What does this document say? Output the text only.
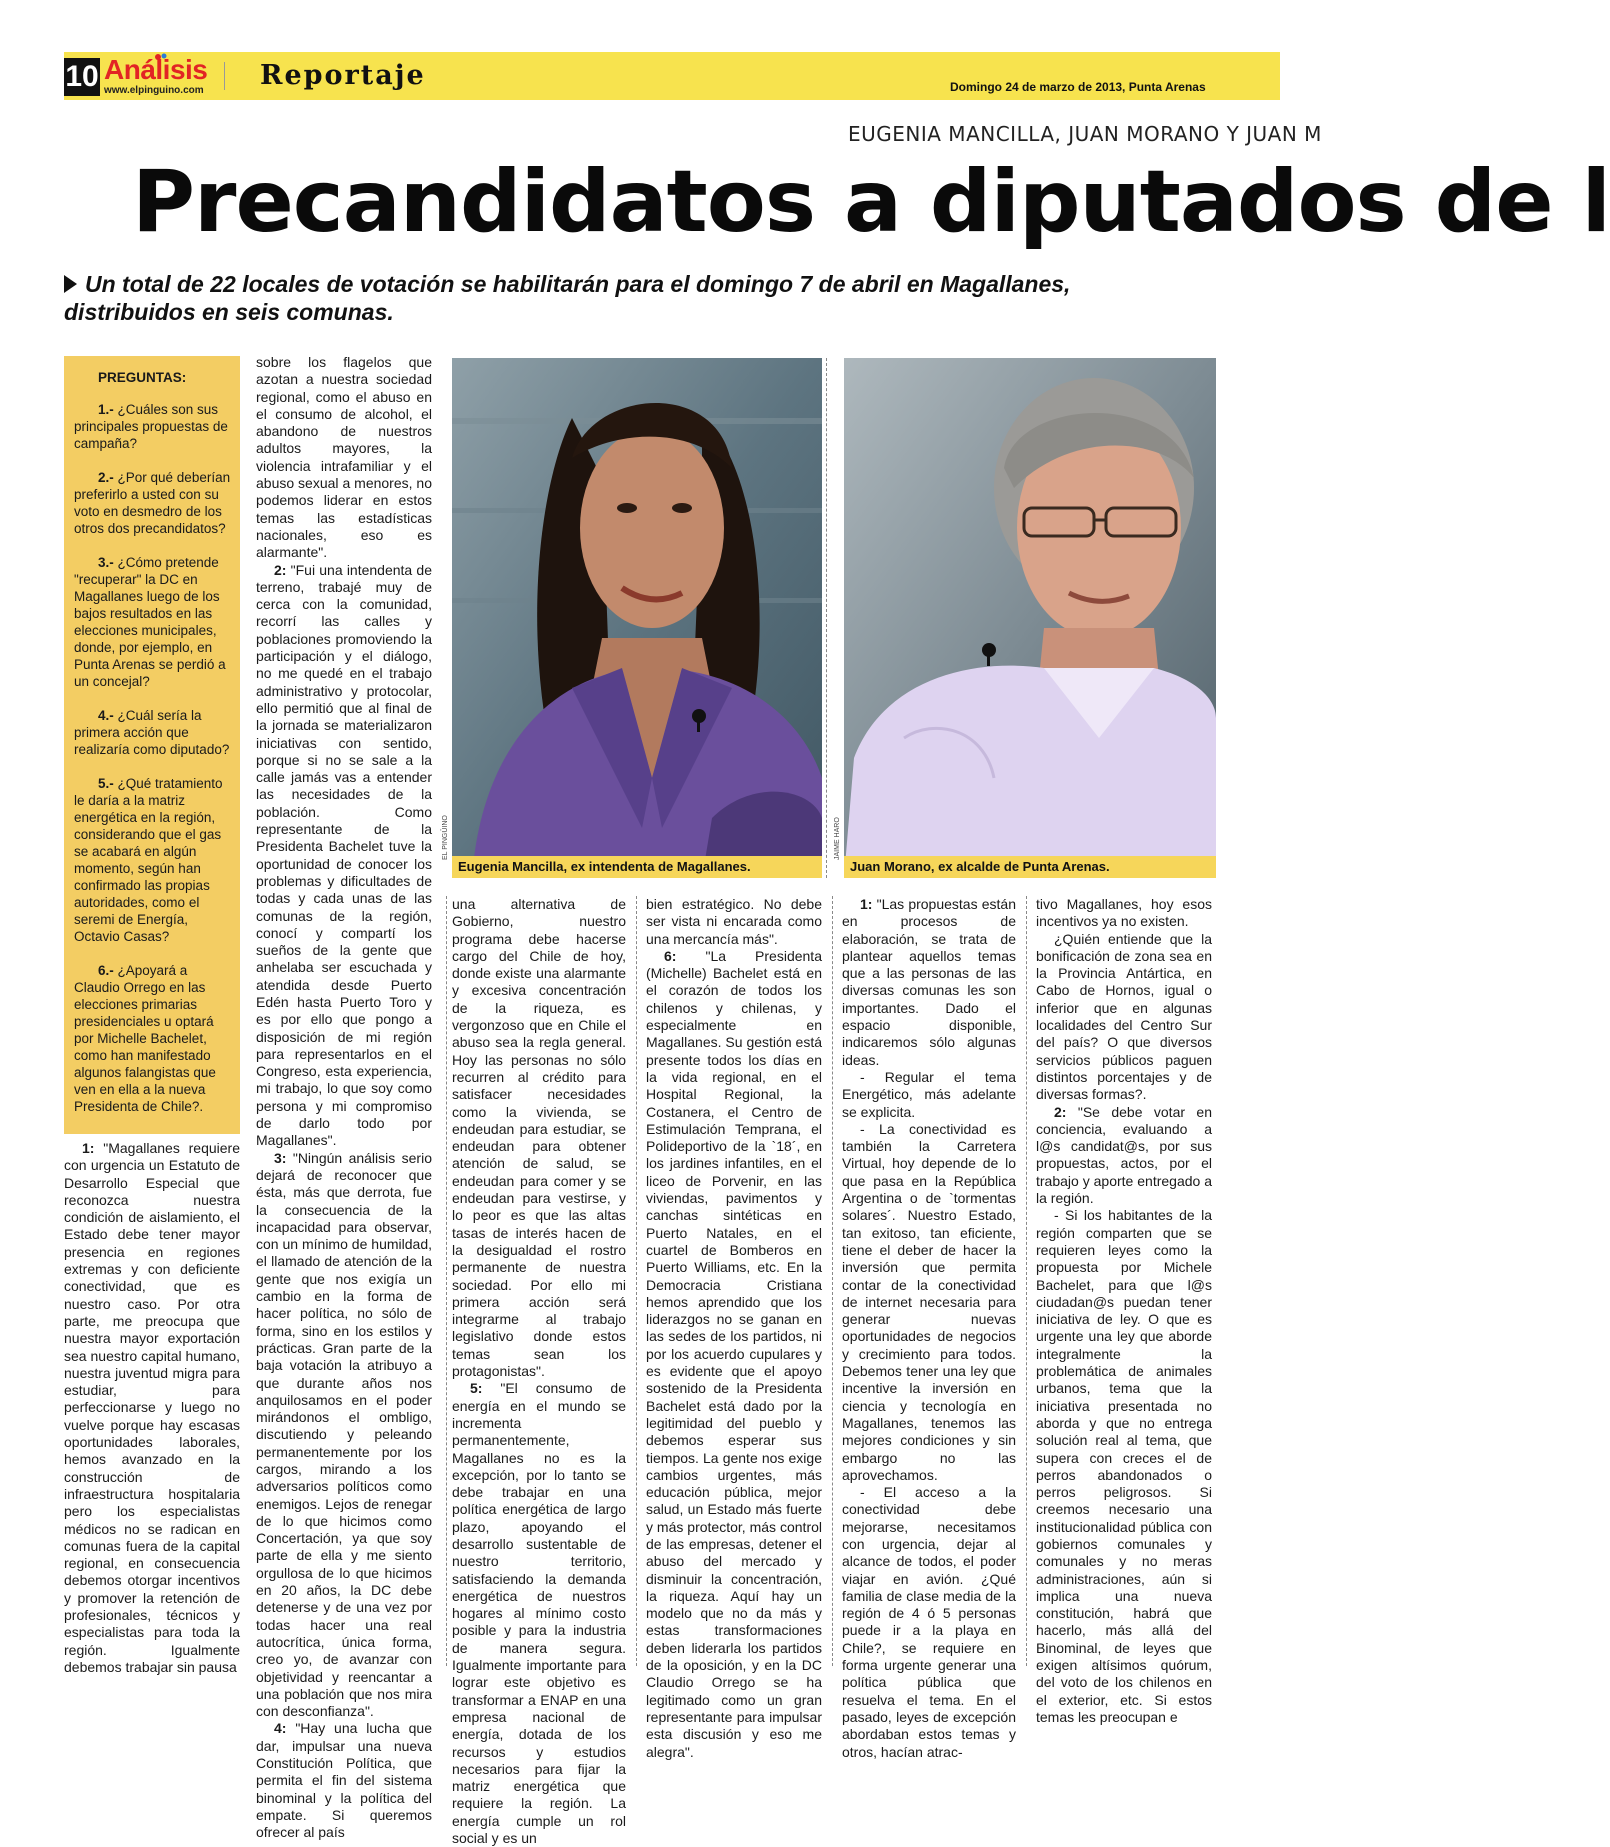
10 Análisis
www.elpinguino.com Reportaje	Domingo 24 de marzo de 2013, Punta Arenas
EUGENIA MANCILLA, JUAN MORANO Y JUAN M
Precandidatos a diputados de l
Un total de 22 locales de votación se habilitarán para el domingo 7 de abril en Magallanes, distribuidos en seis comunas.
PREGUNTAS:
1.- ¿Cuáles son sus principales propuestas de campaña?
2.- ¿Por qué deberían preferirlo a usted con su voto en desmedro de los otros dos precandidatos?
3.- ¿Cómo pretende "recuperar" la DC en Magallanes luego de los bajos resultados en las elecciones municipales, donde, por ejemplo, en Punta Arenas se perdió a un concejal?
4.- ¿Cuál sería la primera acción que realizaría como diputado?
5.- ¿Qué tratamiento le daría a la matriz energética en la región, considerando que el gas se acabará en algún momento, según han confirmado las propias autoridades, como el seremi de Energía, Octavio Casas?
6.- ¿Apoyará a Claudio Orrego en las elecciones primarias presidenciales u optará por Michelle Bachelet, como han manifestado algunos falangistas que ven en ella a la nueva Presidenta de Chile?.

1: "Magallanes requiere con urgencia un Estatuto de Desarrollo Especial que reconozca nuestra condición de aislamiento, el Estado debe tener mayor presencia en regiones extremas y con deficiente conectividad, que es nuestro caso. Por otra parte, me preocupa que nuestra mayor exportación sea nuestro capital humano, nuestra juventud migra para estudiar, para perfeccionarse y luego no vuelve porque hay escasas oportunidades laborales, hemos avanzado en la construcción de infraestructura hospitalaria pero los especialistas médicos no se radican en comunas fuera de la capital regional, en consecuencia debemos otorgar incentivos y promover la retención de profesionales, técnicos y especialistas para toda la región. Igualmente debemos trabajar sin pausa

sobre los flagelos que azotan a nuestra sociedad regional, como el abuso en el consumo de alcohol, el abandono de nuestros adultos mayores, la violencia intrafamiliar y el abuso sexual a menores, no podemos liderar en estos temas las estadísticas nacionales, eso es alarmante".

2: "Fui una intendenta de terreno, trabajé muy de cerca con la comunidad, recorrí las calles y poblaciones promoviendo la participación y el diálogo, no me quedé en el trabajo administrativo y protocolar, ello permitió que al final de la jornada se materializaron iniciativas con sentido, porque si no se sale a la calle jamás vas a entender las necesidades de la población. Como representante de la Presidenta Bachelet tuve la oportunidad de conocer los problemas y dificultades de todas y cada unas de las comunas de la región, conocí y compartí los sueños de la gente que anhelaba ser escuchada y atendida desde Puerto Edén hasta Puerto Toro y es por ello que pongo a disposición de mi región para representarlos en el Congreso, esta experiencia, mi trabajo, lo que soy como persona y mi compromiso de darlo todo por Magallanes".

3: "Ningún análisis serio dejará de reconocer que ésta, más que derrota, fue la consecuencia de la incapacidad para observar, con un mínimo de humildad, el llamado de atención de la gente que nos exigía un cambio en la forma de hacer política, no sólo de forma, sino en los estilos y prácticas. Gran parte de la baja votación la atribuyo a que durante años nos anquilosamos en el poder mirándonos el ombligo, discutiendo y peleando permanentemente por los cargos, mirando a los adversarios políticos como enemigos. Lejos de renegar de lo que hicimos como Concertación, ya que soy parte de ella y me siento orgullosa de lo que hicimos en 20 años, la DC debe detenerse y de una vez por todas hacer una real autocrítica, única forma, creo yo, de avanzar con objetividad y reencantar a una población que nos mira con desconfianza".

4: "Hay una lucha que dar, impulsar una nueva Constitución Política, que permita el fin del sistema binominal y la política del empate. Si queremos ofrecer al país

una alternativa de Gobierno, nuestro programa debe hacerse cargo del Chile de hoy, donde existe una alarmante y excesiva concentración de la riqueza, es vergonzoso que en Chile el abuso sea la regla general. Hoy las personas no sólo recurren al crédito para satisfacer necesidades como la vivienda, se endeudan para estudiar, se endeudan para obtener atención de salud, se endeudan para comer y se endeudan para vestirse, y lo peor es que las altas tasas de interés hacen de la desigualdad el rostro permanente de nuestra sociedad. Por ello mi primera acción será integrarme al trabajo legislativo donde estos temas sean los protagonistas".

5: "El consumo de energía en el mundo se incrementa permanentemente, Magallanes no es la excepción, por lo tanto se debe trabajar en una política energética de largo plazo, apoyando el desarrollo sustentable de nuestro territorio, satisfaciendo la demanda energética de nuestros hogares al mínimo costo posible y para la industria de manera segura. Igualmente importante para lograr este objetivo es transformar a ENAP en una empresa nacional de energía, dotada de los recursos y estudios necesarios para fijar la matriz energética que requiere la región. La energía cumple un rol social y es un

bien estratégico. No debe ser vista ni encarada como una mercancía más".

6: "La Presidenta (Michelle) Bachelet está en el corazón de todos los chilenos y chilenas, y especialmente en Magallanes. Su gestión está presente todos los días en la vida regional, en el Hospital Regional, la Costanera, el Centro de Estimulación Temprana, el Polideportivo de la `18´, en los jardines infantiles, en el liceo de Porvenir, en las viviendas, pavimentos y canchas sintéticas en Puerto Natales, en el cuartel de Bomberos en Puerto Williams, etc. En la Democracia Cristiana hemos aprendido que los liderazgos no se ganan en las sedes de los partidos, ni por los acuerdo cupulares y es evidente que el apoyo sostenido de la Presidenta Bachelet está dado por la legitimidad del pueblo y debemos esperar sus tiempos. La gente nos exige cambios urgentes, más educación pública, mejor salud, un Estado más fuerte y más protector, más control de las empresas, detener el abuso del mercado y disminuir la concentración, la riqueza. Aquí hay un modelo que no da más y estas transformaciones deben liderarla los partidos de la oposición, y en la DC Claudio Orrego se ha legitimado como un gran representante para impulsar esta discusión y eso me alegra".

1: "Las propuestas están en procesos de elaboración, se trata de plantear aquellos temas que a las personas de las diversas comunas les son importantes. Dado el espacio disponible, indicaremos sólo algunas ideas.

- Regular el tema Energético, más adelante se explicita.

- La conectividad es también la Carretera Virtual, hoy depende de lo que pasa en la República Argentina o de `tormentas solares´. Nuestro Estado, tan exitoso, tan eficiente, tiene el deber de hacer la inversión que permita contar de la conectividad de internet necesaria para generar nuevas oportunidades de negocios y crecimiento para todos. Debemos tener una ley que incentive la inversión en ciencia y tecnología en Magallanes, tenemos las mejores condiciones y sin embargo no las aprovechamos.

- El acceso a la conectividad debe mejorarse, necesitamos con urgencia, dejar al alcance de todos, el poder viajar en avión. ¿Qué familia de clase media de la región de 4 ó 5 personas puede ir a la playa en Chile?, se requiere en forma urgente generar una política pública que resuelva el tema. En el pasado, leyes de excepción abordaban estos temas y otros, hacían atrac-

tivo Magallanes, hoy esos incentivos ya no existen.

¿Quién entiende que la bonificación de zona sea en la Provincia Antártica, en Cabo de Hornos, igual o inferior que en algunas localidades del Centro Sur del país? O que diversos servicios públicos paguen distintos porcentajes y de diversas formas?.

2: "Se debe votar en conciencia, evaluando a l@s candidat@s, por sus propuestas, actos, por el trabajo y aporte entregado a la región.

- Si los habitantes de la región comparten que se requieren leyes como la propuesta por Michele Bachelet, para que l@s ciudadan@s puedan tener iniciativa de ley. O que es urgente una ley que aborde integralmente la problemática de animales urbanos, tema que la iniciativa presentada no aborda y que no entrega solución real al tema, que supera con creces el de perros abandonados o perros peligrosos. Si creemos necesario una institucionalidad pública con gobiernos comunales y comunales y no meras administraciones, aún si implica una nueva constitución, habrá que hacerlo, más allá del Binominal, de leyes que exigen altísimos quórum, del voto de los chilenos en el exterior, etc. Si estos temas les preocupan e

Eugenia Mancilla, ex intendenta de Magallanes.
EL PINGÜINO
Juan Morano, ex alcalde de Punta Arenas.
JAIME HARO
